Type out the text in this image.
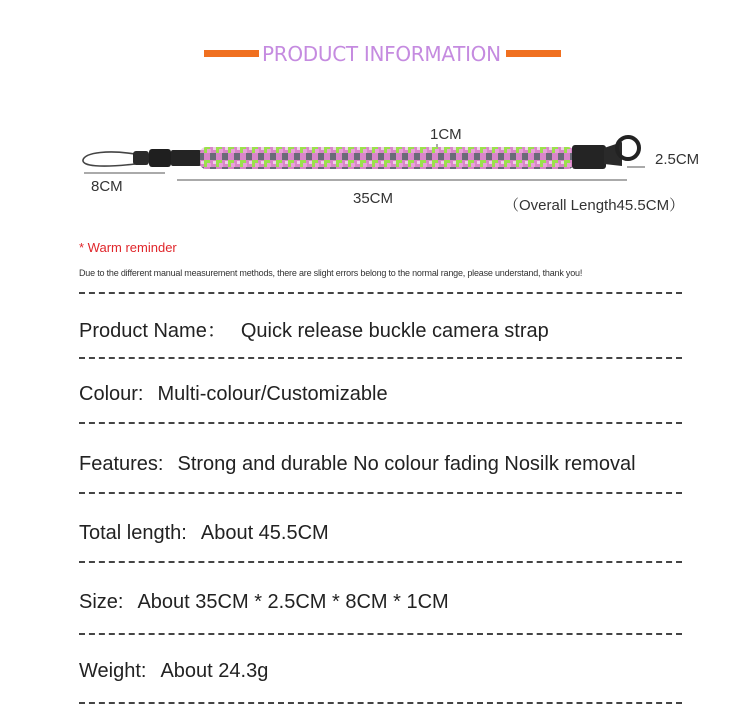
PRODUCT INFORMATION
1CM
2.5CM
8CM
35CM	（Overall Length45.5CM）
* Warm reminder
Due to the different manual measurement methods, there are slight errors belong to the normal range, please understand, thank you!
Product Name： Quick release buckle camera strap
Colour: Multi-colour/Customizable
Features: Strong and durable No colour fading Nosilk removal
Total length: About 45.5CM
Size: About 35CM * 2.5CM * 8CM * 1CM
Weight: About 24.3g
